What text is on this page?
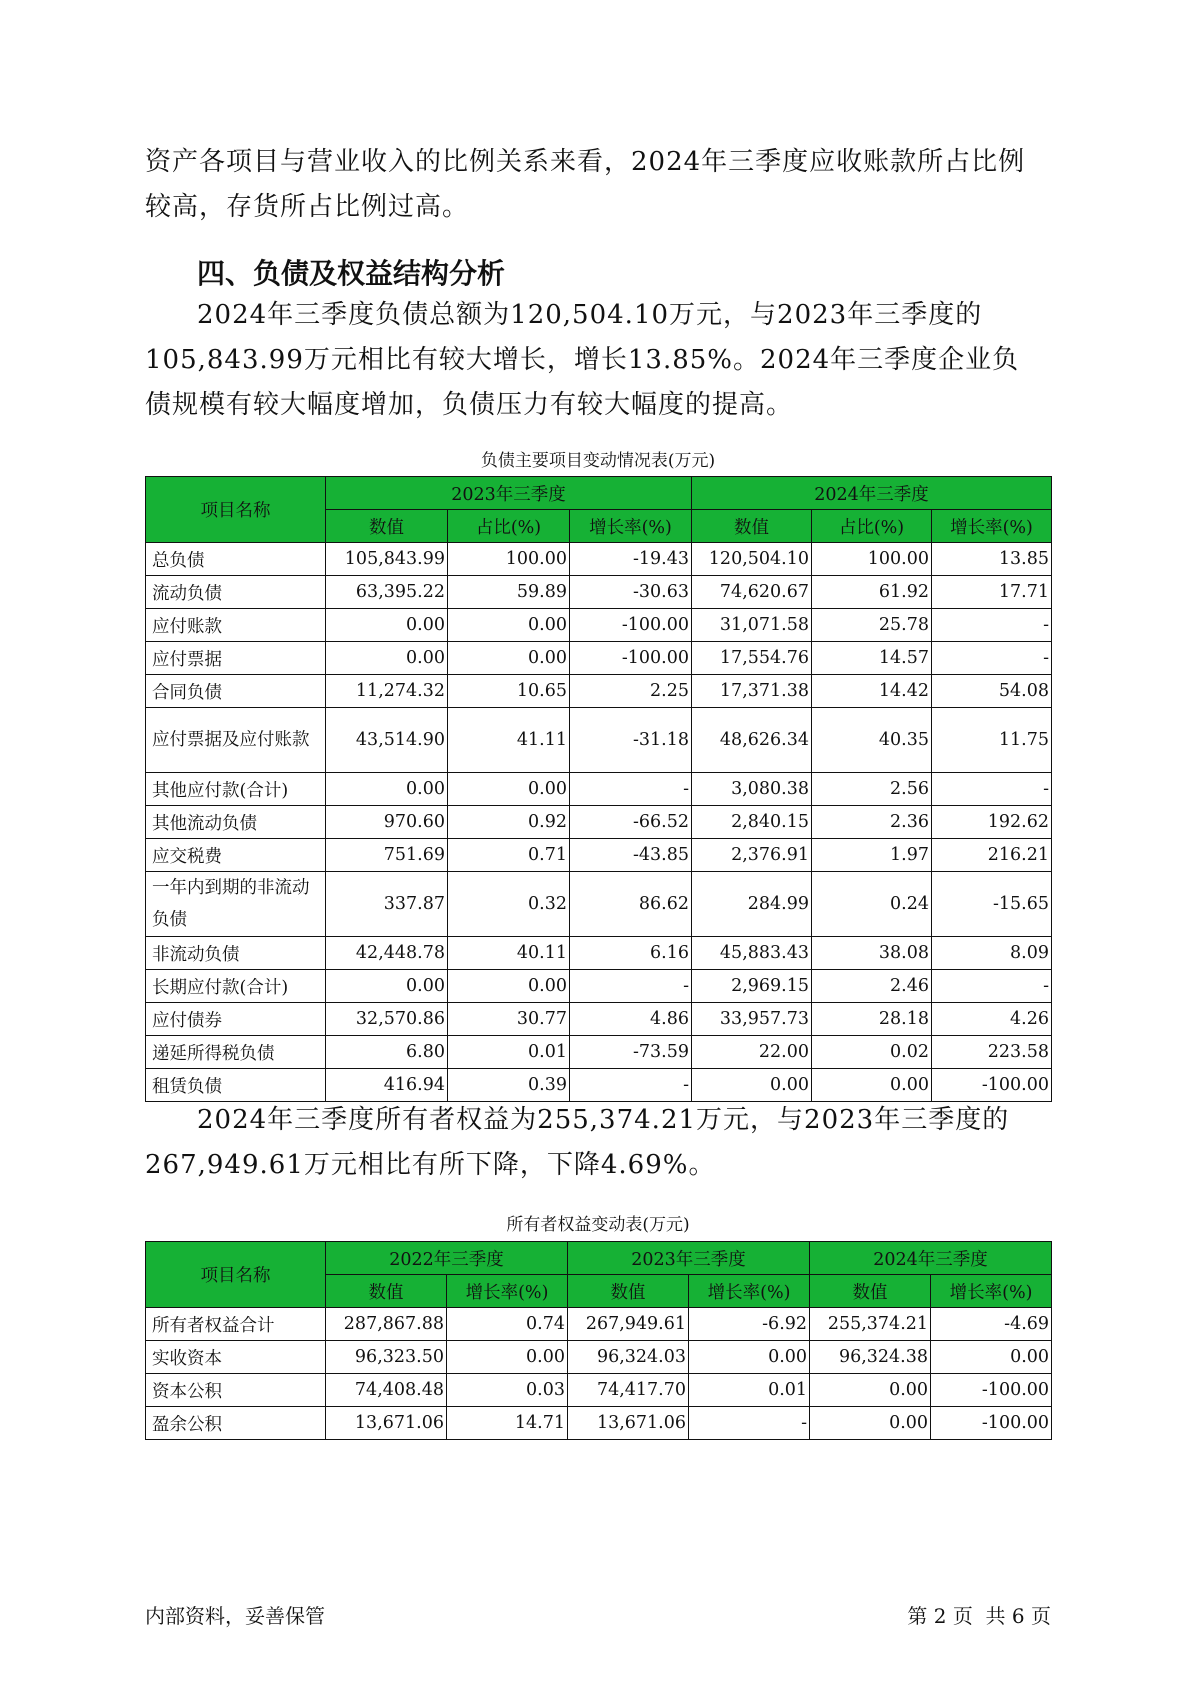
资产各项目与营业收入的比例关系来看，2024年三季度应收账款所占比例较高，存货所占比例过高。

四、负债及权益结构分析

2024年三季度负债总额为120,504.10万元，与2023年三季度的105,843.99万元相比有较大增长，增长13.85%。2024年三季度企业负债规模有较大幅度增加，负债压力有较大幅度的提高。

负债主要项目变动情况表(万元)

项目名称	2023年三季度			2024年三季度		
	数值	占比(%)	增长率(%)	数值	占比(%)	增长率(%)
总负债	105,843.99	100.00	-19.43	120,504.10	100.00	13.85
流动负债	63,395.22	59.89	-30.63	74,620.67	61.92	17.71
应付账款	0.00	0.00	-100.00	31,071.58	25.78	-
应付票据	0.00	0.00	-100.00	17,554.76	14.57	-
合同负债	11,274.32	10.65	2.25	17,371.38	14.42	54.08
应付票据及应付账款	43,514.90	41.11	-31.18	48,626.34	40.35	11.75
其他应付款(合计)	0.00	0.00	-	3,080.38	2.56	-
其他流动负债	970.60	0.92	-66.52	2,840.15	2.36	192.62
应交税费	751.69	0.71	-43.85	2,376.91	1.97	216.21
一年内到期的非流动负债	337.87	0.32	86.62	284.99	0.24	-15.65
非流动负债	42,448.78	40.11	6.16	45,883.43	38.08	8.09
长期应付款(合计)	0.00	0.00	-	2,969.15	2.46	-
应付债券	32,570.86	30.77	4.86	33,957.73	28.18	4.26
递延所得税负债	6.80	0.01	-73.59	22.00	0.02	223.58
租赁负债	416.94	0.39	-	0.00	0.00	-100.00

2024年三季度所有者权益为255,374.21万元，与2023年三季度的267,949.61万元相比有所下降，下降4.69%。

所有者权益变动表(万元)

项目名称	2022年三季度		2023年三季度		2024年三季度	
	数值	增长率(%)	数值	增长率(%)	数值	增长率(%)
所有者权益合计	287,867.88	0.74	267,949.61	-6.92	255,374.21	-4.69
实收资本	96,323.50	0.00	96,324.03	0.00	96,324.38	0.00
资本公积	74,408.48	0.03	74,417.70	0.01	0.00	-100.00
盈余公积	13,671.06	14.71	13,671.06	-	0.00	-100.00

内部资料，妥善保管	第 2 页  共 6 页
